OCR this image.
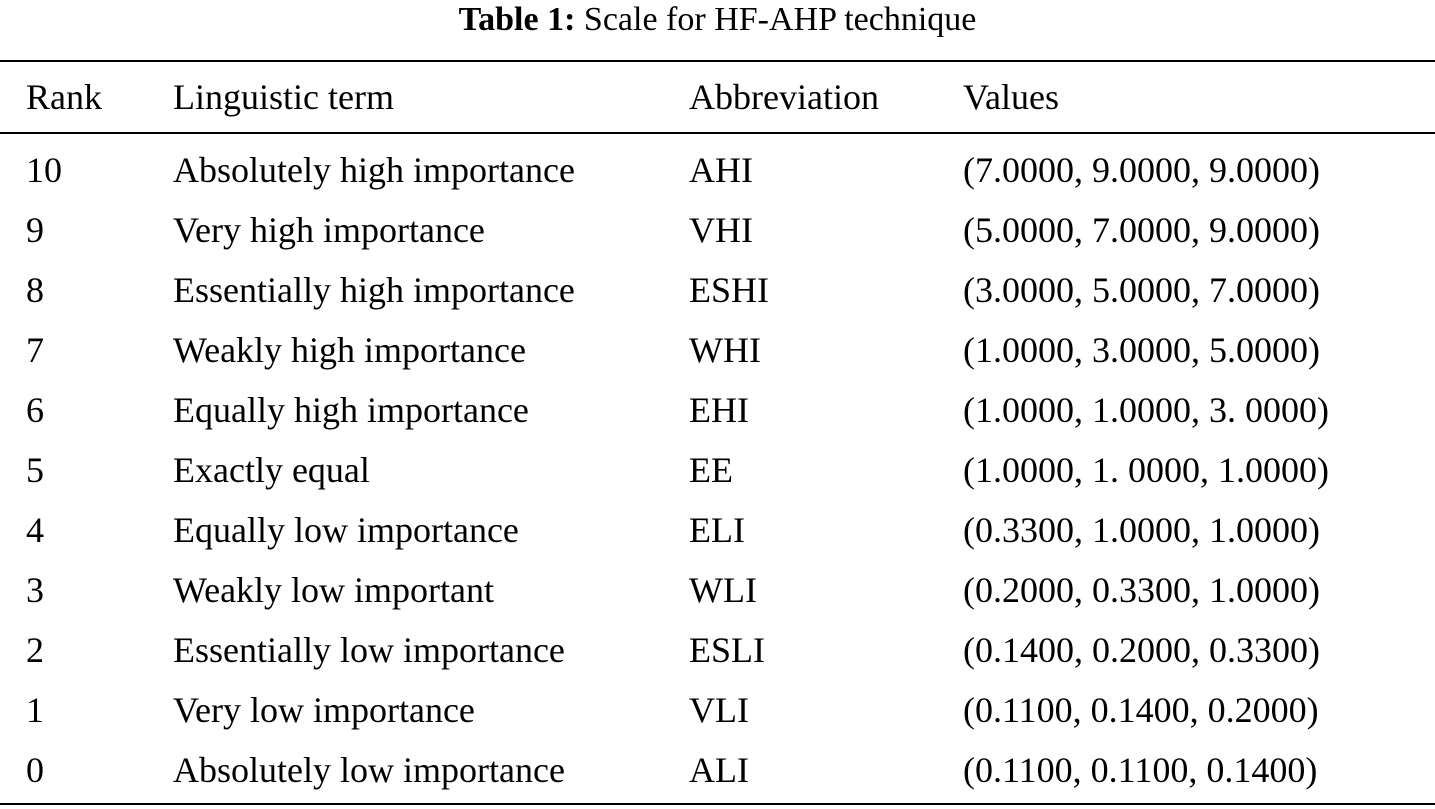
Table 1: Scale for HF-AHP technique
Rank Linguistic term	Abbreviation Values
10	Absolutely high importance	AHI	(7.0000, 9.0000, 9.0000)
9	Very high importance	VHI	(5.0000, 7.0000, 9.0000)
8	Essentially high importance	ESHI	(3.0000, 5.0000, 7.0000)
7	Weakly high importance	WHI	(1.0000, 3.0000, 5.0000)
6	Equally high importance	EHI	(1.0000, 1.0000, 3. 0000)
5	Exactly equal	EE	(1.0000, 1. 0000, 1.0000)
4	Equally low importance	ELI	(0.3300, 1.0000, 1.0000)
3	Weakly low important	WLI	(0.2000, 0.3300, 1.0000)
2	Essentially low importance	ESLI	(0.1400, 0.2000, 0.3300)
1	Very low importance	VLI	(0.1100, 0.1400, 0.2000)
0	Absolutely low importance	ALI	(0.1100, 0.1100, 0.1400)
